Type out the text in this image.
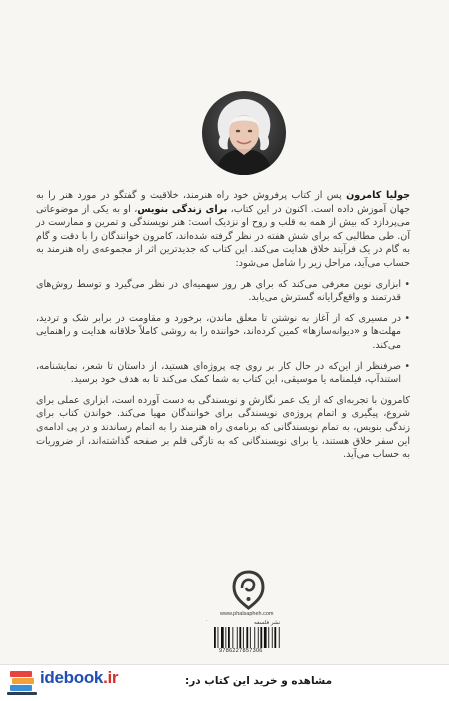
جولیا کامرون پس از کتاب پرفروش خود راه هنرمند، خلاقیت و گفتگو در مورد هنر را به جهان آموزش داده است. اکنون در این کتاب، برای زندگی بنویس، او به یکی از موضوعاتی می‌پردازد که بیش از همه به قلب و روح او نزدیک است: هنر نویسندگی و تمرین و ممارست در آن. طی مطالبی که برای شش هفته در نظر گرفته شده‌اند، کامرون خوانندگان را با دقت و گام به گام در یک فرآیند خلاق هدایت می‌کند. این کتاب که جدیدترین اثر از مجموعه‌ی راه هنرمند به حساب می‌آید، مراحل زیر را شامل می‌شود:

•
ابزاری نوین معرفی می‌کند که برای هر روز سهمیه‌ای در نظر می‌گیرد و توسط روش‌های قدرتمند و واقع‌گرایانه گسترش می‌یابد.

•
در مسیری که از آغاز به نوشتن تا معلق ماندن، برخورد و مقاومت در برابر شک و تردید، مهلت‌ها و «دیوانه‌سازها» کمین کرده‌اند، خواننده را به روشی کاملاً خلاقانه هدایت و راهنمایی می‌کند.

•
صرفنظر از این‌که در حال کار بر روی چه پروژه‌ای هستید، از داستان تا شعر، نمایشنامه، استندآپ، فیلمنامه یا موسیقی، این کتاب به شما کمک می‌کند تا به هدف خود برسید.

کامرون با تجربه‌ای که از یک عمر نگارش و نویسندگی به دست آورده است، ابزاری عملی برای شروع، پیگیری و اتمام پروژه‌ی نویسندگی برای خوانندگان مهیا می‌کند. خواندن کتاب برای زندگی بنویس، به تمام نویسندگانی که برنامه‌ی راه هنرمند را به اتمام رساندند و در پی ادامه‌ی این سفر خلاق هستند، یا برای نویسندگانی که به تازگی قلم بر صفحه گذاشته‌اند، از ضروریات به حساب می‌آید.

www.phalsapheh.com
نشر فلسفه
9786227857306
idebook.ir	مشاهده و خرید این کتاب در:
